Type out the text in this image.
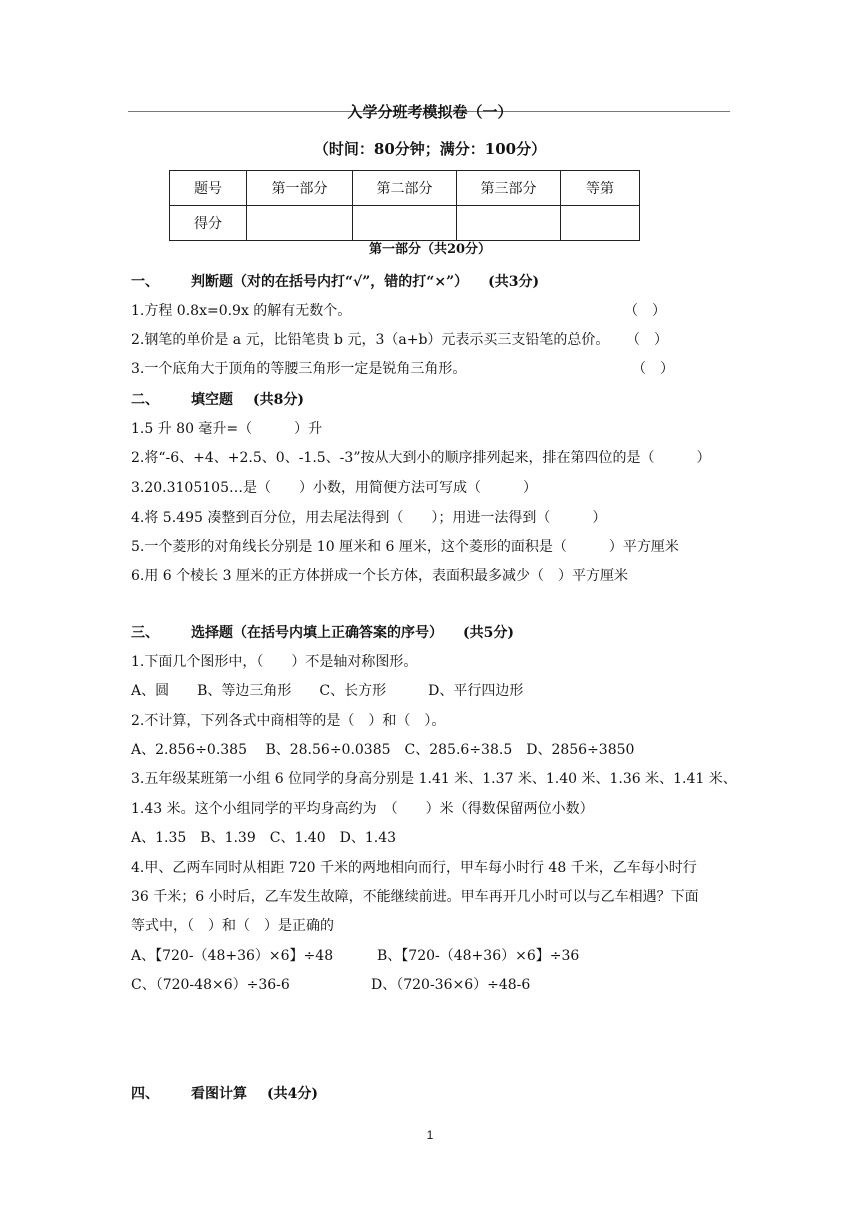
入学分班考模拟卷（一）
（时间：80分钟；满分：100分）
题号	第一部分	第二部分	第三部分	等第
得分				
第一部分（共20分）
一、 判断题（对的在括号内打“√”，错的打“×”） (共3分)
1.方程 0.8x=0.9x 的解有无数个。	（　）
2.钢笔的单价是 a 元，比铅笔贵 b 元，3（a+b）元表示买三支铅笔的总价。 （　）
3.一个底角大于顶角的等腰三角形一定是锐角三角形。	（　）
二、 填空题 (共8分)
1.5 升 80 毫升=（　　　）升
2.将“-6、+4、+2.5、0、-1.5、-3”按从大到小的顺序排列起来，排在第四位的是（　　　）
3.20.3105105…是（　　）小数，用简便方法可写成（　　　）
4.将 5.495 凑整到百分位，用去尾法得到（　　）；用进一法得到（　　　）
5.一个菱形的对角线长分别是 10 厘米和 6 厘米，这个菱形的面积是（　　　）平方厘米
6.用 6 个棱长 3 厘米的正方体拼成一个长方体，表面积最多减少（　）平方厘米
三、 选择题（在括号内填上正确答案的序号） (共5分)
1.下面几个图形中，（　　）不是轴对称图形。
A、圆　　B、等边三角形　　C、长方形　　　D、平行四边形
2.不计算，下列各式中商相等的是（　）和（　）。
A、2.856÷0.385　 B、28.56÷0.0385　C、285.6÷38.5　D、2856÷3850
3.五年级某班第一小组 6 位同学的身高分别是 1.41 米、1.37 米、1.40 米、1.36 米、1.41 米、
1.43 米。这个小组同学的平均身高约为　（　　）米（得数保留两位小数）
A、1.35　B、1.39　C、1.40　D、1.43
4.甲、乙两车同时从相距 720 千米的两地相向而行，甲车每小时行 48 千米，乙车每小时行
36 千米；6 小时后，乙车发生故障，不能继续前进。甲车再开几小时可以与乙车相遇？下面
等式中，（　）和（　）是正确的
A、【720-（48+36）×6】÷48	B、【720-（48+36）×6】÷36
C、（720-48×6）÷36-6	D、（720-36×6）÷48-6
四、 看图计算 (共4分)
1
